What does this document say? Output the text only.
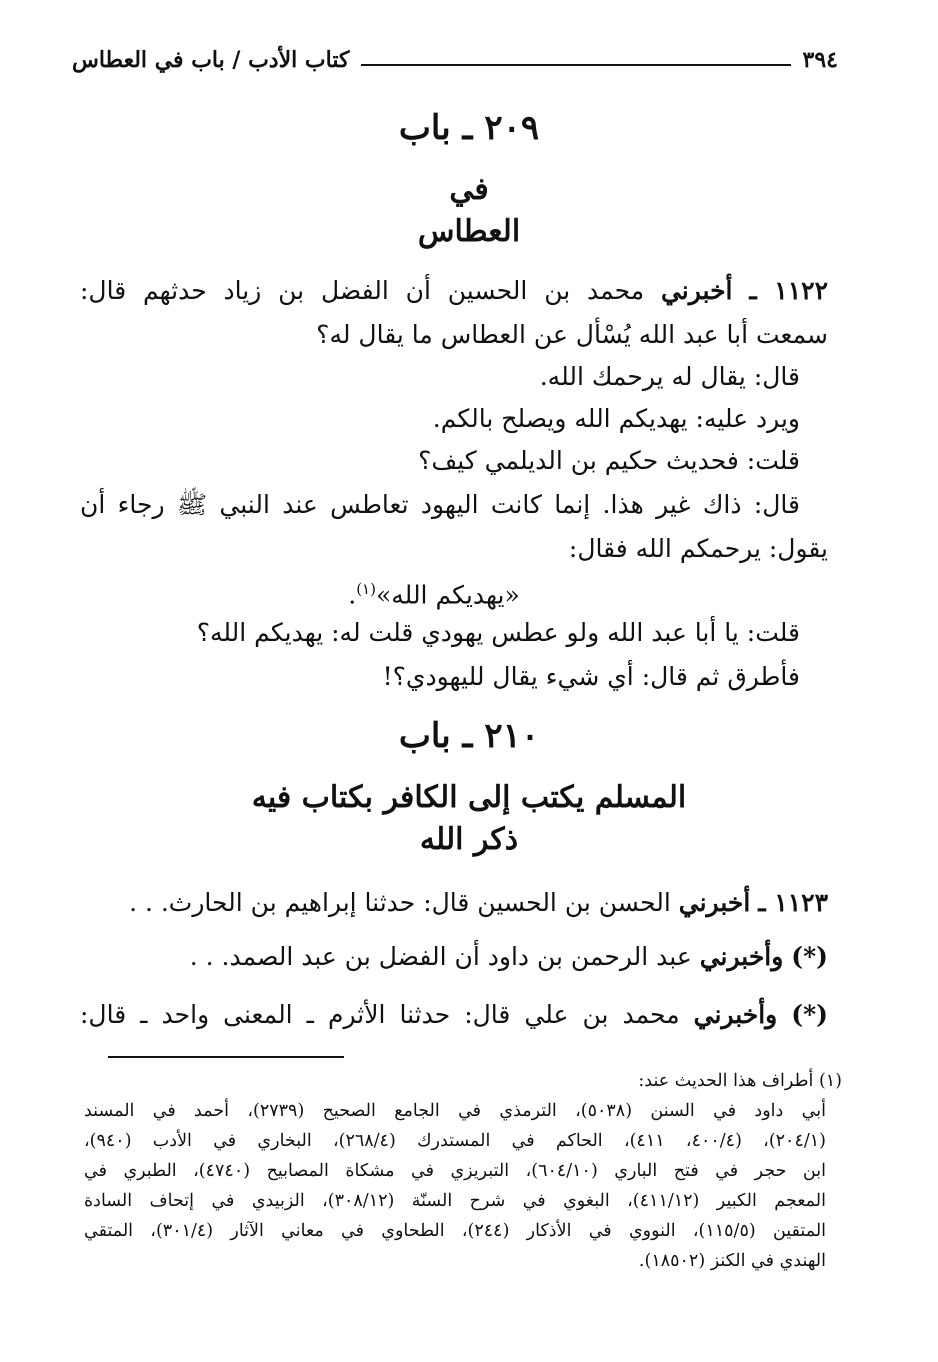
٣٩٤
كتاب الأدب / باب في العطاس
٢٠٩ ـ باب
في
العطاس

١١٢٢ ـ أخبرني محمد بن الحسين أن الفضل بن زياد حدثهم قال:

سمعت أبا عبد الله يُسْأل عن العطاس ما يقال له؟

قال: يقال له يرحمك الله.

ويرد عليه: يهديكم الله ويصلح بالكم.

قلت: فحديث حكيم بن الديلمي كيف؟

قال: ذاك غير هذا. إنما كانت اليهود تعاطس عند النبي ﷺ رجاء أن

يقول: يرحمكم الله فقال:

«يهديكم الله»$^{(١)}$.

قلت: يا أبا عبد الله ولو عطس يهودي قلت له: يهديكم الله؟

فأطرق ثم قال: أي شيء يقال لليهودي؟!

٢١٠ ـ باب
المسلم يكتب إلى الكافر بكتاب فيه
ذكر الله

١١٢٣ ـ أخبرني الحسن بن الحسين قال: حدثنا إبراهيم بن الحارث. . .

(*) وأخبرني عبد الرحمن بن داود أن الفضل بن عبد الصمد. . .

(*) وأخبرني محمد بن علي قال: حدثنا الأثرم ـ المعنى واحد ـ قال:

(١) أطراف هذا الحديث عند:

أبي داود في السنن (٥٠٣٨)، الترمذي في الجامع الصحيح (٢٧٣٩)، أحمد في المسند

(٢٠٤/١)، (٤٠٠/٤، ٤١١)، الحاكم في المستدرك (٢٦٨/٤)، البخاري في الأدب (٩٤٠)،

ابن حجر في فتح الباري (٦٠٤/١٠)، التبريزي في مشكاة المصابيح (٤٧٤٠)، الطبري في

المعجم الكبير (٤١١/١٢)، البغوي في شرح السنّة (٣٠٨/١٢)، الزبيدي في إتحاف السادة

المتقين (١١٥/٥)، النووي في الأذكار (٢٤٤)، الطحاوي في معاني الآثار (٣٠١/٤)، المتقي

الهندي في الكنز (١٨٥٠٢).
